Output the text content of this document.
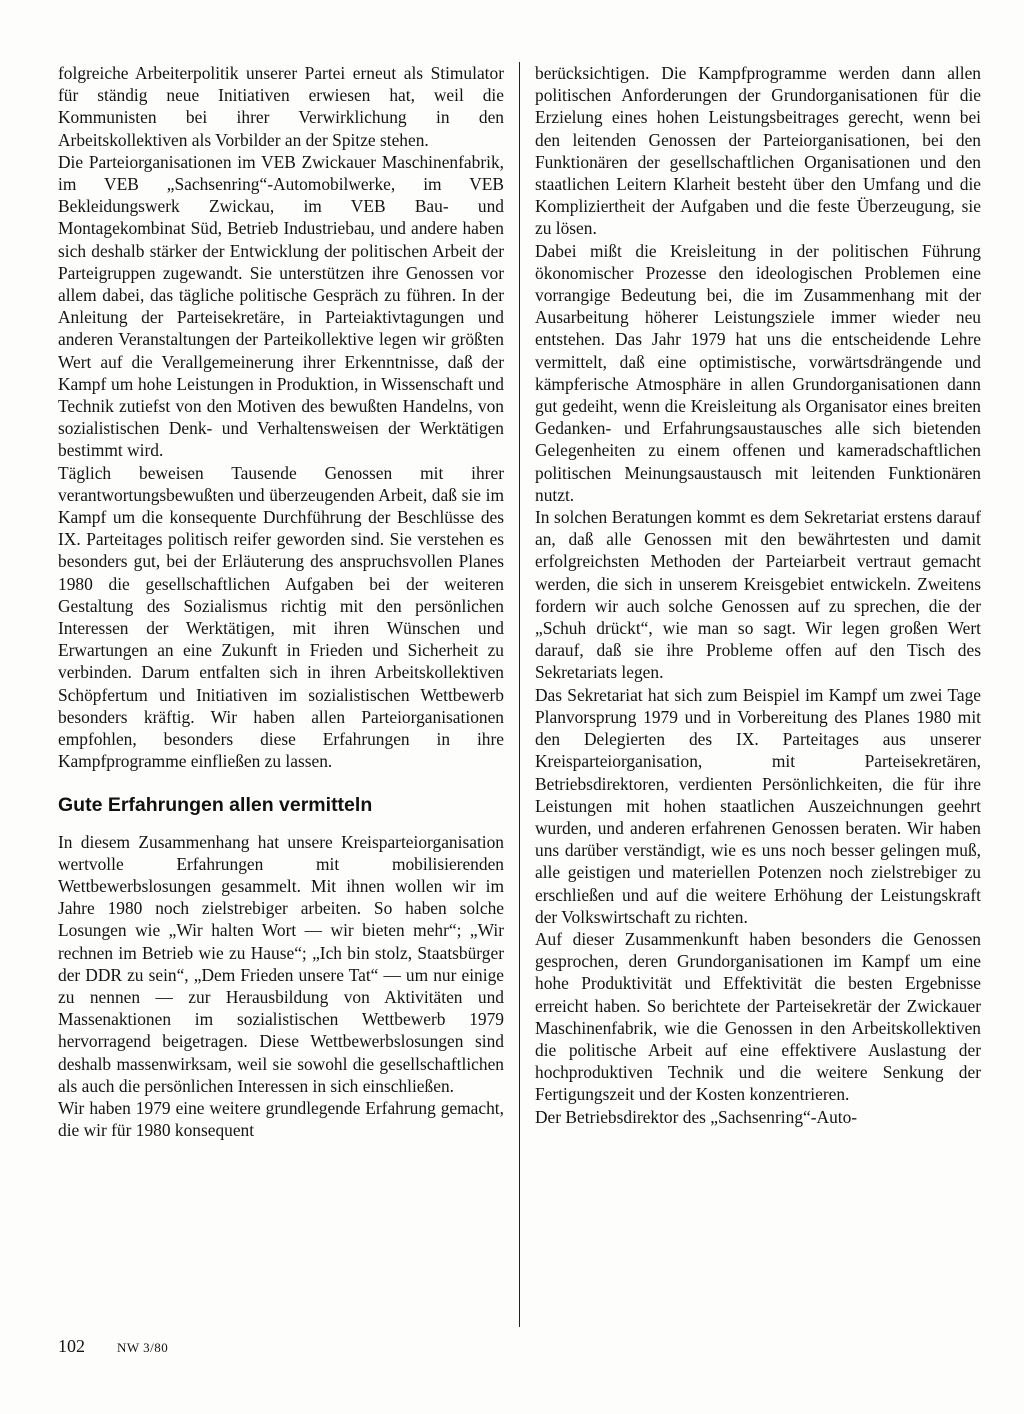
folgreiche Arbeiterpolitik unserer Partei erneut als Stimulator für ständig neue Initiativen erwiesen hat, weil die Kommunisten bei ihrer Verwirklichung in den Arbeitskollektiven als Vorbilder an der Spitze stehen.

Die Parteiorganisationen im VEB Zwickauer Maschinenfabrik, im VEB „Sachsenring“-Automobilwerke, im VEB Bekleidungswerk Zwickau, im VEB Bau- und Montagekombinat Süd, Betrieb Industriebau, und andere haben sich deshalb stärker der Entwicklung der politischen Arbeit der Parteigruppen zugewandt. Sie unterstützen ihre Genossen vor allem dabei, das tägliche politische Gespräch zu führen. In der Anleitung der Parteisekretäre, in Parteiaktivtagungen und anderen Veranstaltungen der Parteikollektive legen wir größten Wert auf die Verallgemeinerung ihrer Erkenntnisse, daß der Kampf um hohe Leistungen in Produktion, in Wissenschaft und Technik zutiefst von den Motiven des bewußten Handelns, von sozialistischen Denk- und Verhaltensweisen der Werktätigen bestimmt wird.

Täglich beweisen Tausende Genossen mit ihrer verantwortungsbewußten und überzeugenden Arbeit, daß sie im Kampf um die konsequente Durchführung der Beschlüsse des IX. Parteitages politisch reifer geworden sind. Sie verstehen es besonders gut, bei der Erläuterung des anspruchsvollen Planes 1980 die gesellschaftlichen Aufgaben bei der weiteren Gestaltung des Sozialismus richtig mit den persönlichen Interessen der Werktätigen, mit ihren Wünschen und Erwartungen an eine Zukunft in Frieden und Sicherheit zu verbinden. Darum entfalten sich in ihren Arbeitskollektiven Schöpfertum und Initiativen im sozialistischen Wettbewerb besonders kräftig. Wir haben allen Parteiorganisationen empfohlen, besonders diese Erfahrungen in ihre Kampfprogramme einfließen zu lassen.

Gute Erfahrungen allen vermitteln

In diesem Zusammenhang hat unsere Kreisparteiorganisation wertvolle Erfahrungen mit mobilisierenden Wettbewerbslosungen gesammelt. Mit ihnen wollen wir im Jahre 1980 noch zielstrebiger arbeiten. So haben solche Losungen wie „Wir halten Wort — wir bieten mehr“; „Wir rechnen im Betrieb wie zu Hause“; „Ich bin stolz, Staatsbürger der DDR zu sein“, „Dem Frieden unsere Tat“ — um nur einige zu nennen — zur Herausbildung von Aktivitäten und Massenaktionen im sozialistischen Wettbewerb 1979 hervorragend beigetragen. Diese Wettbewerbslosungen sind deshalb massenwirksam, weil sie sowohl die gesellschaftlichen als auch die persönlichen Interessen in sich einschließen.

Wir haben 1979 eine weitere grundlegende Erfahrung gemacht, die wir für 1980 konsequent

berücksichtigen. Die Kampfprogramme werden dann allen politischen Anforderungen der Grundorganisationen für die Erzielung eines hohen Leistungsbeitrages gerecht, wenn bei den leitenden Genossen der Parteiorganisationen, bei den Funktionären der gesellschaftlichen Organisationen und den staatlichen Leitern Klarheit besteht über den Umfang und die Kompliziertheit der Aufgaben und die feste Überzeugung, sie zu lösen.

Dabei mißt die Kreisleitung in der politischen Führung ökonomischer Prozesse den ideologischen Problemen eine vorrangige Bedeutung bei, die im Zusammenhang mit der Ausarbeitung höherer Leistungsziele immer wieder neu entstehen. Das Jahr 1979 hat uns die entscheidende Lehre vermittelt, daß eine optimistische, vorwärtsdrängende und kämpferische Atmosphäre in allen Grundorganisationen dann gut gedeiht, wenn die Kreisleitung als Organisator eines breiten Gedanken- und Erfahrungsaustausches alle sich bietenden Gelegenheiten zu einem offenen und kameradschaftlichen politischen Meinungsaustausch mit leitenden Funktionären nutzt.

In solchen Beratungen kommt es dem Sekretariat erstens darauf an, daß alle Genossen mit den bewährtesten und damit erfolgreichsten Methoden der Parteiarbeit vertraut gemacht werden, die sich in unserem Kreisgebiet entwickeln. Zweitens fordern wir auch solche Genossen auf zu sprechen, die der „Schuh drückt“, wie man so sagt. Wir legen großen Wert darauf, daß sie ihre Probleme offen auf den Tisch des Sekretariats legen.

Das Sekretariat hat sich zum Beispiel im Kampf um zwei Tage Planvorsprung 1979 und in Vorbereitung des Planes 1980 mit den Delegierten des IX. Parteitages aus unserer Kreisparteiorganisation, mit Parteisekretären, Betriebsdirektoren, verdienten Persönlichkeiten, die für ihre Leistungen mit hohen staatlichen Auszeichnungen geehrt wurden, und anderen erfahrenen Genossen beraten. Wir haben uns darüber verständigt, wie es uns noch besser gelingen muß, alle geistigen und materiellen Potenzen noch zielstrebiger zu erschließen und auf die weitere Erhöhung der Leistungskraft der Volkswirtschaft zu richten.

Auf dieser Zusammenkunft haben besonders die Genossen gesprochen, deren Grundorganisationen im Kampf um eine hohe Produktivität und Effektivität die besten Ergebnisse erreicht haben. So berichtete der Parteisekretär der Zwickauer Maschinenfabrik, wie die Genossen in den Arbeitskollektiven die politische Arbeit auf eine effektivere Auslastung der hochproduktiven Technik und die weitere Senkung der Fertigungszeit und der Kosten konzentrieren.

Der Betriebsdirektor des „Sachsenring“-Auto-

102 NW 3/80
